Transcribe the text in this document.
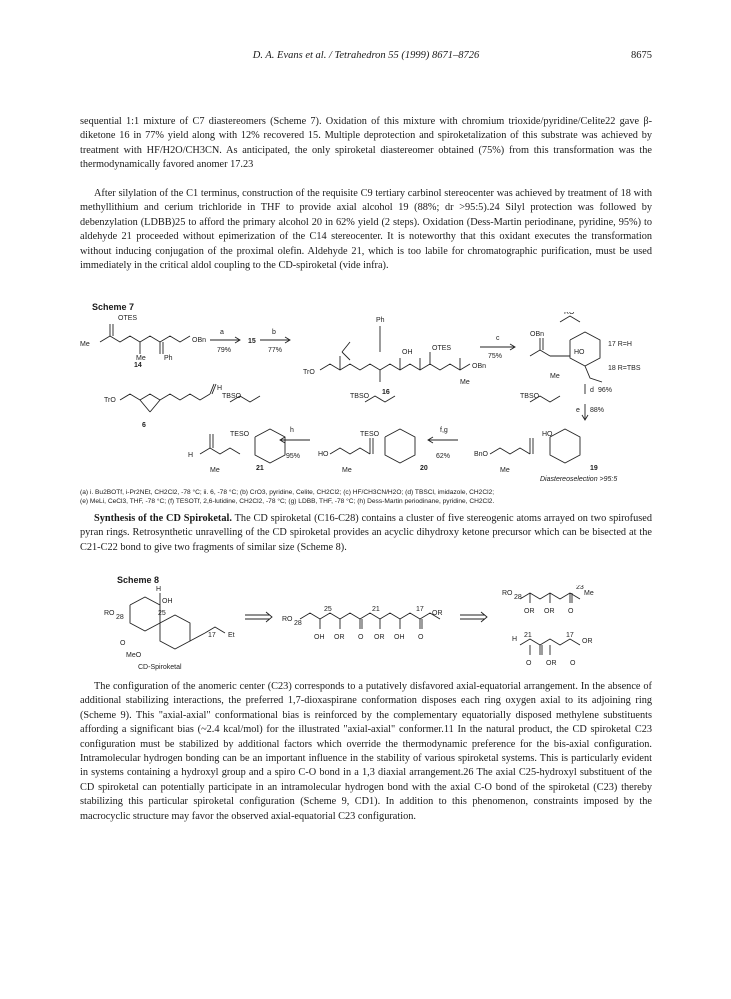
D. A. Evans et al. / Tetrahedron 55 (1999) 8671–8726	8675

sequential 1:1 mixture of C7 diastereomers (Scheme 7). Oxidation of this mixture with chromium trioxide/pyridine/Celite22 gave β-diketone 16 in 77% yield along with 12% recovered 15. Multiple deprotection and spiroketalization of this substrate was achieved by treatment with HF/H2O/CH3CN. As anticipated, the only spiroketal diastereomer obtained (75%) from this transformation was the thermodynamically favored anomer 17.23

After silylation of the C1 terminus, construction of the requisite C9 tertiary carbinol stereocenter was achieved by treatment of 18 with methyllithium and cerium trichloride in THF to provide axial alcohol 19 (88%; dr >95:5).24 Silyl protection was followed by debenzylation (LDBB)25 to afford the primary alcohol 20 in 62% yield (2 steps). Oxidation (Dess-Martin periodinane, pyridine, 95%) to aldehyde 21 proceeded without epimerization of the C14 stereocenter. It is noteworthy that this oxidant executes the transformation without inducing conjugation of the proximal olefin. Aldehyde 21, which is too labile for chromatographic purification, must be used immediately in the critical aldol coupling to the CD-spiroketal (vide infra).

Scheme 7
OTES
Me
OBn
14
Me	Ph
a
79%
15
b
77%
Ph
TrO
OH
OTES
OBn
16
Me
c
75%
OBn
RO
HO
17 R=H
18 R=TBS
Me
d 96%
e 88%
TrO
6
H
TBSO	TBSO	TBSO
TESO	TESO	HO
H
Me	21
h
95%	HO
Me	20
f,g
62%	BnO
Me	19
Diastereoselection >95:5

(a) i. Bu2BOTf, i-Pr2NEt, CH2Cl2, -78 °C; ii. 6, -78 °C; (b) CrO3, pyridine, Celite, CH2Cl2; (c) HF/CH3CN/H2O; (d) TBSCl, imidazole, CH2Cl2;

(e) MeLi, CeCl3, THF, -78 °C; (f) TESOTf, 2,6-lutidine, CH2Cl2, -78 °C; (g) LDBB, THF, -78 °C; (h) Dess-Martin periodinane, pyridine, CH2Cl2.

Synthesis of the CD Spiroketal. The CD spiroketal (C16-C28) contains a cluster of five stereogenic atoms arrayed on two spirofused pyran rings. Retrosynthetic unravelling of the CD spiroketal provides an acyclic dihydroxy ketone precursor which can be bisected at the C21-C22 bond to give two fragments of similar size (Scheme 8).

Scheme 8
H
OH
25
RO
28
O
17 Et
MeO
CD-Spiroketal
RO
28
25	21	17
OR
OH OR O OR OH O
RO
28
23
Me
OR OR O
H
21	17
OR
O OR O

The configuration of the anomeric center (C23) corresponds to a putatively disfavored axial-equatorial arrangement. In the absence of additional stabilizing interactions, the preferred 1,7-dioxaspirane conformation disposes each ring oxygen axial to its adjoining ring (Scheme 9). This "axial-axial" conformational bias is reinforced by the complementary equatorially disposed methylene substituents affording a significant bias (~2.4 kcal/mol) for the illustrated "axial-axial" conformer.11 In the natural product, the CD spiroketal C23 configuration must be stabilized by additional factors which override the thermodynamic preference for the bis-axial configuration. Intramolecular hydrogen bonding can be an important influence in the stability of various spiroketal systems. This is particularly evident in systems containing a hydroxyl group and a spiro C-O bond in a 1,3 diaxial arrangement.26 The axial C25-hydroxyl substituent of the CD spiroketal can potentially participate in an intramolecular hydrogen bond with the axial C-O bond of the spiroketal (C23) thereby stabilizing this particular spiroketal configuration (Scheme 9, CD1). In addition to this phenomenon, constraints imposed by the macrocyclic structure may favor the observed axial-equatorial C23 configuration.
